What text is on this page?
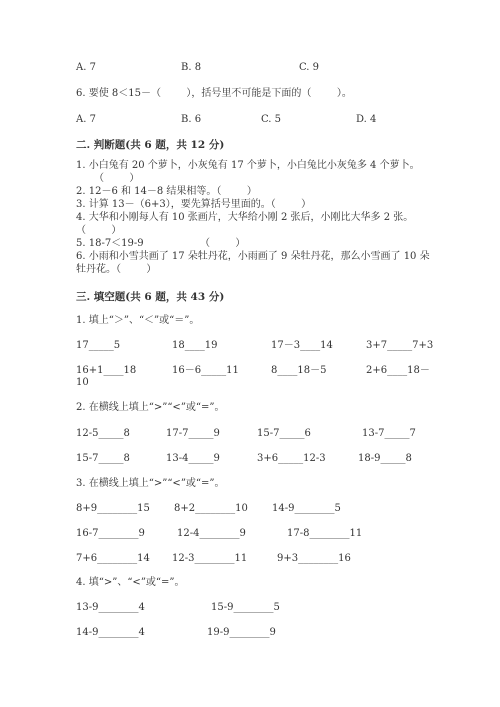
A. 7	B. 8	C. 9
6. 要使 8＜15－（        ），括号里不可能是下面的（        ）。
A. 7	B. 6	C. 5	D. 4
二. 判断题(共 6 题，共 12 分)
1. 小白兔有 20 个萝卜，小灰兔有 17 个萝卜，小白兔比小灰兔多 4 个萝卜。
（        ）
2. 12－6 和 14－8 结果相等。（        ）
3. 计算 13－（6+3），要先算括号里面的。（        ）
4. 大华和小刚每人有 10 张画片，大华给小刚 2 张后，小刚比大华多 2 张。
（        ）
5. 18-7＜19-9	（        ）
6. 小雨和小雪共画了 17 朵牡丹花，小雨画了 9 朵牡丹花，那么小雪画了 10 朵
牡丹花。（        ）
三. 填空题(共 6 题，共 43 分)
1. 填上“＞”、“＜”或“＝”。
17_____5	18____19	17－3____14	3+7_____7+3
16+1____18	16－6_____11	8____18－5	2+6____18－
10
2. 在横线上填上“>”“<”或“=”。
12-5_____8	17-7_____9	15-7_____6	13-7_____7
15-7_____8	13-4_____9	3+6_____12-3	18-9_____8
3. 在横线上填上“>”“<”或“=”。
8+9________15 8+2________10 14-9________5
16-7________9	12-4________9	17-8________11
7+6________14 12-3________11	9+3________16
4. 填“>”、“<”或“=”。
13-9________4	15-9________5
14-9________4	19-9________9
